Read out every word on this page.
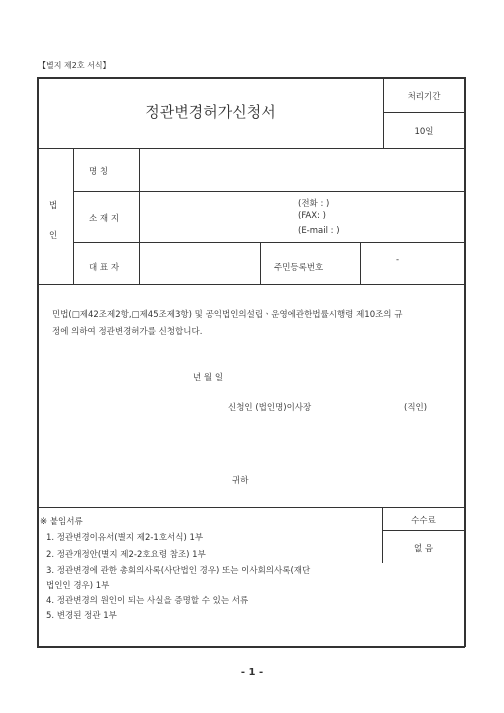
【별지 제2호 서식】
정관변경허가신청서
처리기간
10일
법
인
명 칭
소 재 지
(전화 : )
(FAX: )
(E-mail : )
대 표 자	주민등록번호
-
민법(□제42조제2항,□제45조제3항) 및 공익법인의설립ㆍ운영에관한법률시행령 제10조의 규
정에 의하여 정관변경허가를 신청합니다.
년 월 일
신청인 (법인명)이사장	(직인)
귀하
수수료
없 음
※ 붙임서류
1. 정관변경이유서(별지 제2-1호서식) 1부
2. 정관개정안(별지 제2-2호요령 참조) 1부
3. 정관변경에 관한 총회의사록(사단법인 경우) 또는 이사회의사록(재단
법인인 경우) 1부
4. 정관변경의 원인이 되는 사실을 증명할 수 있는 서류
5. 변경된 정관 1부
- 1 -
